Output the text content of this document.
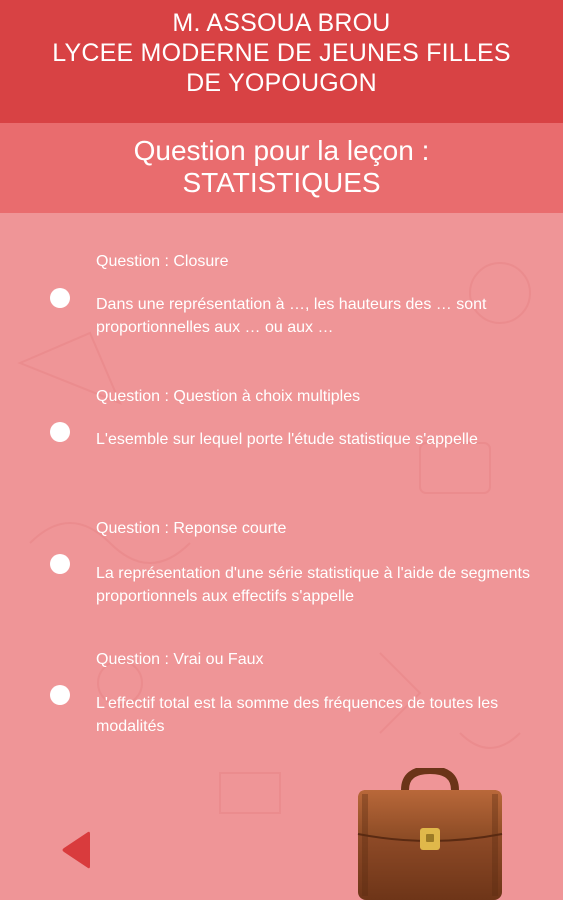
M. ASSOUA BROU
LYCEE MODERNE DE JEUNES FILLES
DE YOPOUGON
Question pour la leçon :
STATISTIQUES
Question : Closure
Dans une représentation à …, les hauteurs des … sont proportionnelles aux … ou aux …
Question : Question à choix multiples
L'esemble sur lequel porte l'étude statistique s'appelle
Question : Reponse courte
La représentation d'une série statistique à l'aide de segments proportionnels aux effectifs s'appelle
Question : Vrai ou Faux
L'effectif total est la somme des fréquences de toutes les modalités
